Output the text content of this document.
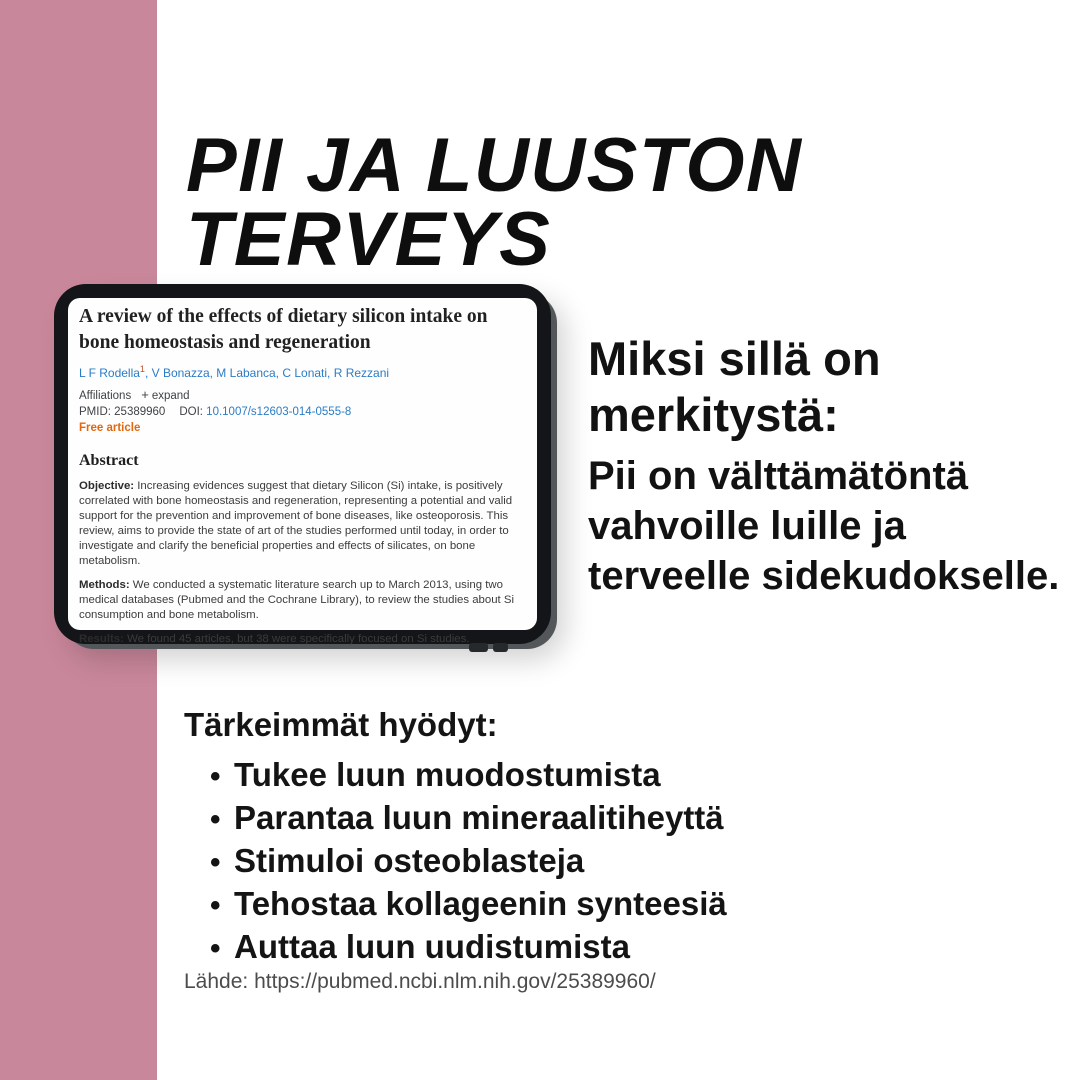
PII JA LUUSTON
TERVEYS

A review of the effects of dietary silicon intake on bone homeostasis and regeneration

L F Rodella$^1$, V Bonazza, M Labanca, C Lonati, R Rezzani
Affiliations + expand
PMID: 25389960 DOI: 10.1007/s12603-014-0555-8
Free article

Abstract

Objective: Increasing evidences suggest that dietary Silicon (Si) intake, is positively correlated with bone homeostasis and regeneration, representing a potential and valid support for the prevention and improvement of bone diseases, like osteoporosis. This review, aims to provide the state of art of the studies performed until today, in order to investigate and clarify the beneficial properties and effects of silicates, on bone metabolism.

Methods: We conducted a systematic literature search up to March 2013, using two medical databases (Pubmed and the Cochrane Library), to review the studies about Si consumption and bone metabolism.

Results: We found 45 articles, but 38 were specifically focused on Si studies.

Miksi sillä on merkitystä:

Pii on välttämätöntä vahvoille luille ja terveelle sidekudokselle.

Tärkeimmät hyödyt:
• Tukee luun muodostumista
• Parantaa luun mineraalitiheyttä
• Stimuloi osteoblasteja
• Tehostaa kollageenin synteesiä
• Auttaa luun uudistumista
Lähde: https://pubmed.ncbi.nlm.nih.gov/25389960/
